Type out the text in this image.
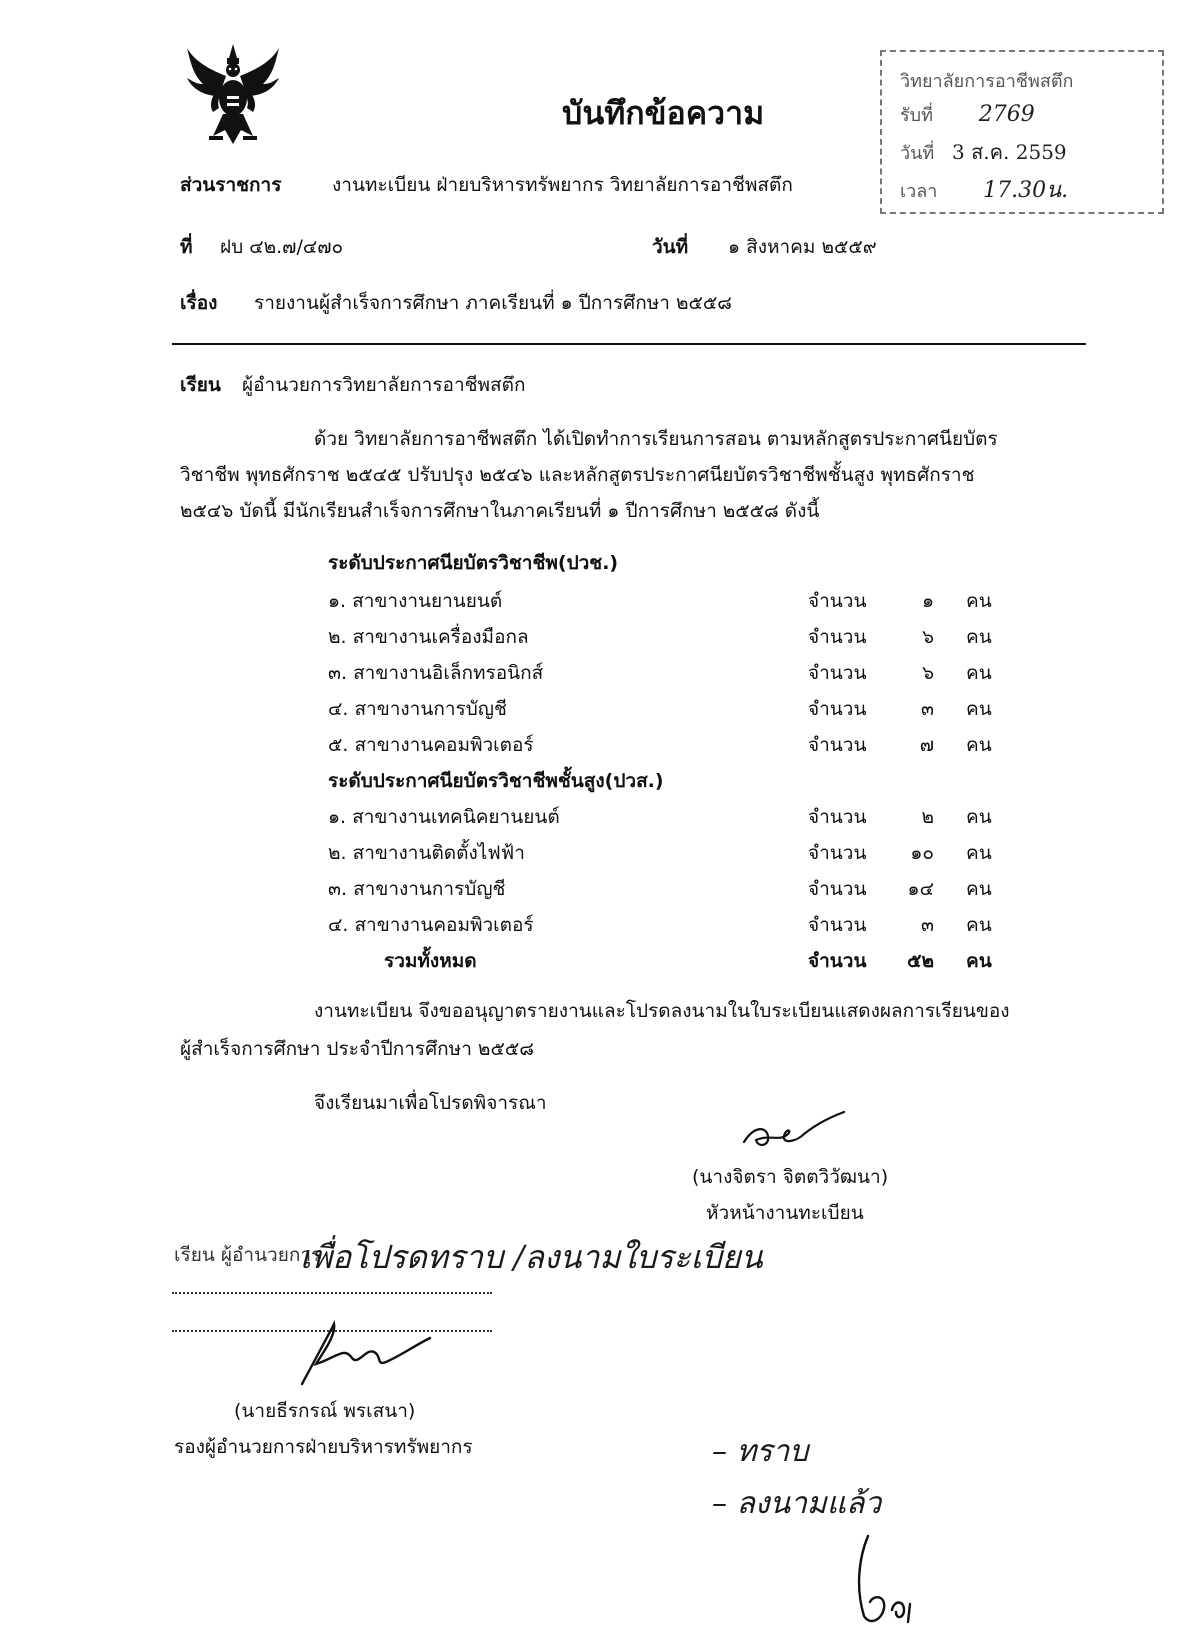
บันทึกข้อความ
วิทยาลัยการอาชีพสตึก
รับที่ 2769
วันที่ 3 ส.ค. 2559
เวลา 17.30น.
ส่วนราชการ	งานทะเบียน ฝ่ายบริหารทรัพยากร วิทยาลัยการอาชีพสตึก
ที่ ฝบ ๔๒.๗/๔๗๐	วันที่ ๑ สิงหาคม ๒๕๕๙
เรื่อง รายงานผู้สำเร็จการศึกษา ภาคเรียนที่ ๑ ปีการศึกษา ๒๕๕๘
เรียน ผู้อำนวยการวิทยาลัยการอาชีพสตึก
ด้วย วิทยาลัยการอาชีพสตึก ได้เปิดทำการเรียนการสอน ตามหลักสูตรประกาศนียบัตร
วิชาชีพ พุทธศักราช ๒๕๔๕ ปรับปรุง ๒๕๔๖ และหลักสูตรประกาศนียบัตรวิชาชีพชั้นสูง พุทธศักราช
๒๕๔๖ บัดนี้ มีนักเรียนสำเร็จการศึกษาในภาคเรียนที่ ๑ ปีการศึกษา ๒๕๕๘ ดังนี้
ระดับประกาศนียบัตรวิชาชีพ(ปวช.)
๑. สาขางานยานยนต์	จำนวน	๑ คน
๒. สาขางานเครื่องมือกล	จำนวน	๖ คน
๓. สาขางานอิเล็กทรอนิกส์	จำนวน	๖ คน
๔. สาขางานการบัญชี	จำนวน	๓ คน
๕. สาขางานคอมพิวเตอร์	จำนวน	๗ คน
ระดับประกาศนียบัตรวิชาชีพชั้นสูง(ปวส.)
๑. สาขางานเทคนิคยานยนต์	จำนวน	๒ คน
๒. สาขางานติดตั้งไฟฟ้า	จำนวน	๑๐ คน
๓. สาขางานการบัญชี	จำนวน	๑๔ คน
๔. สาขางานคอมพิวเตอร์	จำนวน	๓ คน
รวมทั้งหมด	จำนวน	๕๒ คน
งานทะเบียน จึงขออนุญาตรายงานและโปรดลงนามในใบระเบียนแสดงผลการเรียนของ
ผู้สำเร็จการศึกษา ประจำปีการศึกษา ๒๕๕๘
จึงเรียนมาเพื่อโปรดพิจารณา
(นางจิตรา จิตตวิวัฒนา)
หัวหน้างานทะเบียน
เรียน ผู้อำนวยการ
เพื่อโปรดทราบ /ลงนามใบระเบียน
(นายธีรกรณ์ พรเสนา)
รองผู้อำนวยการฝ่ายบริหารทรัพยากร	– ทราบ
– ลงนามแล้ว
